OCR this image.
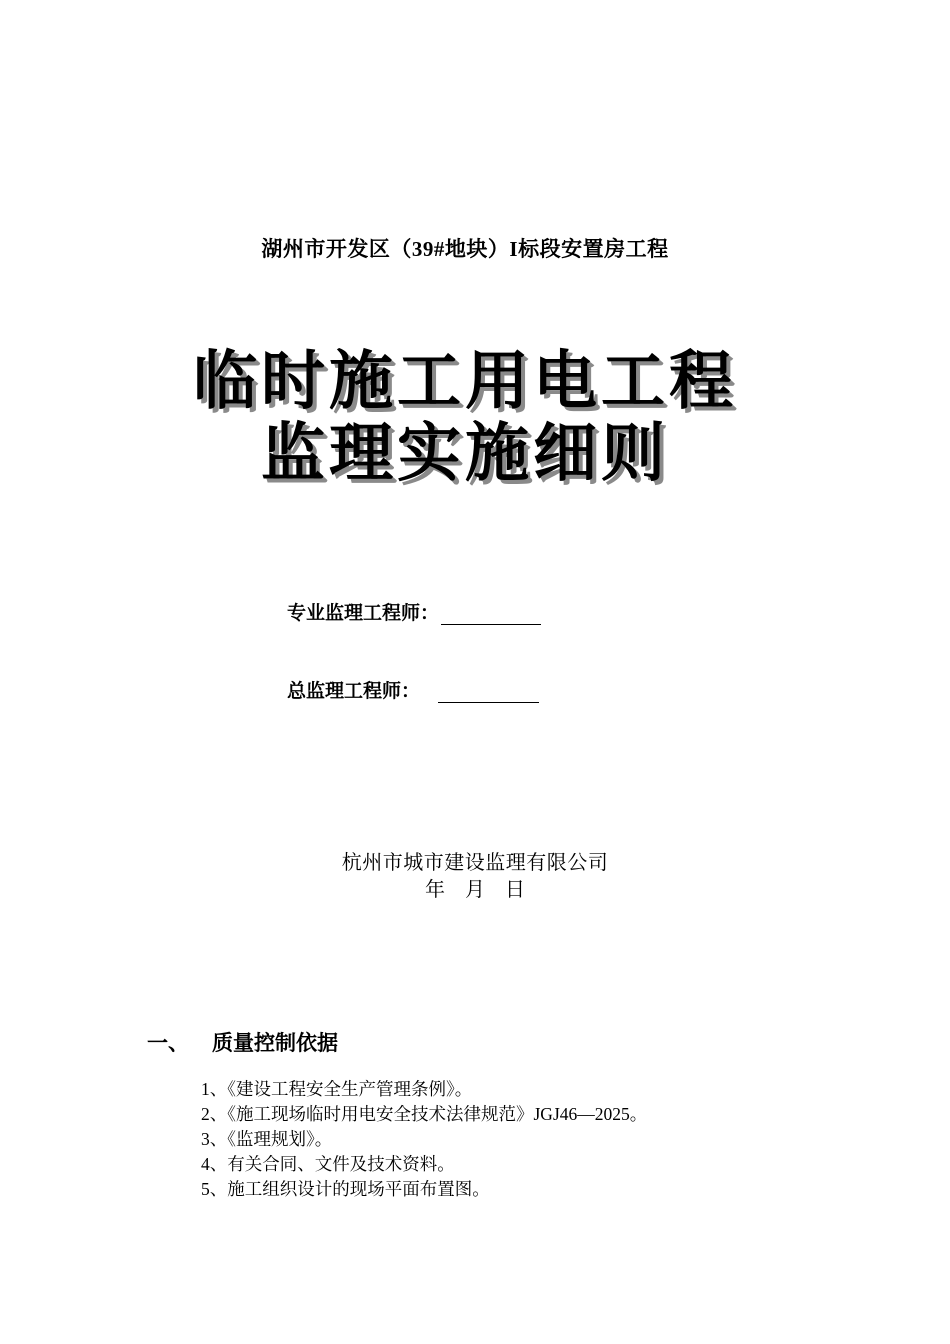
湖州市开发区（39#地块）I标段安置房工程
临时施工用电工程
监理实施细则
专业监理工程师：
总监理工程师：
杭州市城市建设监理有限公司
年    月    日
一、 质量控制依据
1、《建设工程安全生产管理条例》。
2、《施工现场临时用电安全技术法律规范》JGJ46—2025。
3、《监理规划》。
4、有关合同、文件及技术资料。
5、施工组织设计的现场平面布置图。
